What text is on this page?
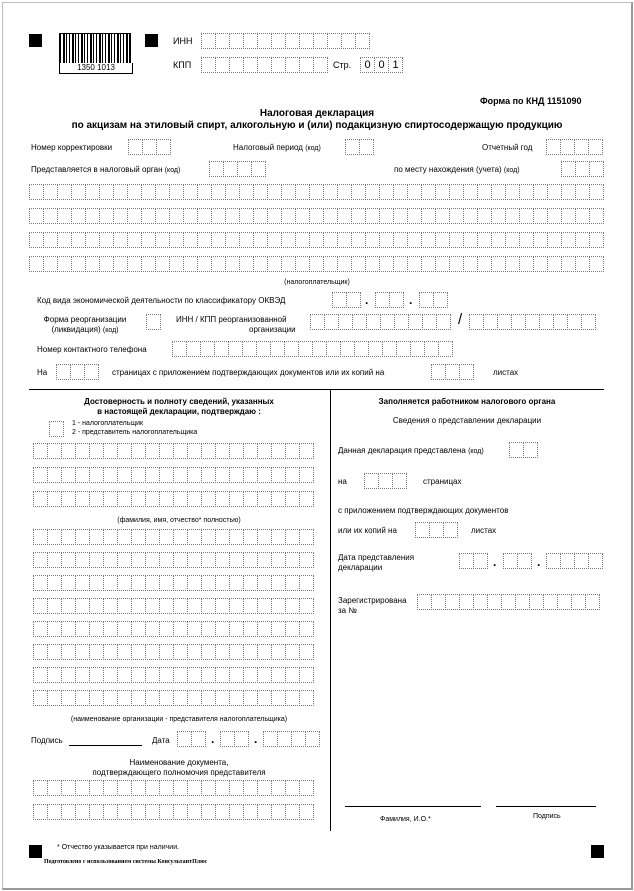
1350 1013
ИНН
КПП	Стр.	0 0 1
Форма по КНД 1151090
Налоговая декларация
по акцизам на этиловый спирт, алкогольную и (или) подакцизную спиртосодержащую продукцию
Номер корректировки	Налоговый период (код)	Отчетный год
Представляется в налоговый орган (код)	по месту нахождения (учета) (код)
(налогоплательщик)
Код вида экономической деятельности по классификатору ОКВЭД	.	.
Форма реорганизации
(ликвидация) (код)
ИНН / КПП реорганизованной
организации
/
Номер контактного телефона
На	страницах с приложением подтверждающих документов или их копий на	листах
Достоверность и полноту сведений, указанных
в настоящей декларации, подтверждаю :
1 - налогоплательщик
2 - представитель налогоплательщика
(фамилия, имя, отчество* полностью)
(наименование организации - представителя налогоплательщика)
Подпись	Дата	.	.
Наименование документа,
подтверждающего полномочия представителя
Заполняется работником налогового органа
Сведения о представлении декларации
Данная декларация представлена (код)
на	страницах
с приложением подтверждающих документов
или их копий на	листах
Дата представления
декларации	.	.
Зарегистрирована
за №
Фамилия, И.О.*	Подпись
* Отчество указывается при наличии.
Подготовлено с использованием системы КонсультантПлюс
